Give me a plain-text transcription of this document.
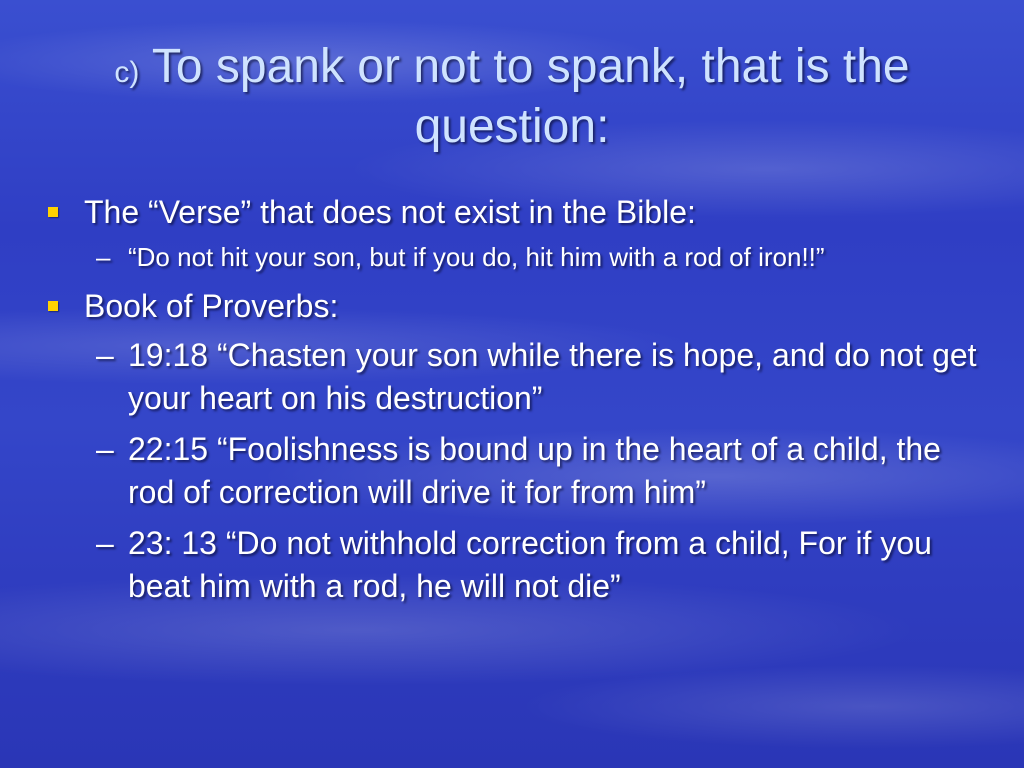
c) To spank or not to spank, that is the question:
The “Verse” that does not exist in the Bible:
– “Do not hit your son, but if you do, hit him with a rod of iron!!”
Book of Proverbs:
– 19:18 “Chasten your son while there is hope, and do not get your heart on his destruction”
– 22:15 “Foolishness is bound up in the heart of a child, the rod of correction will drive it for from him”
– 23: 13 “Do not withhold correction from a child, For if you beat him with a rod, he will not die”
